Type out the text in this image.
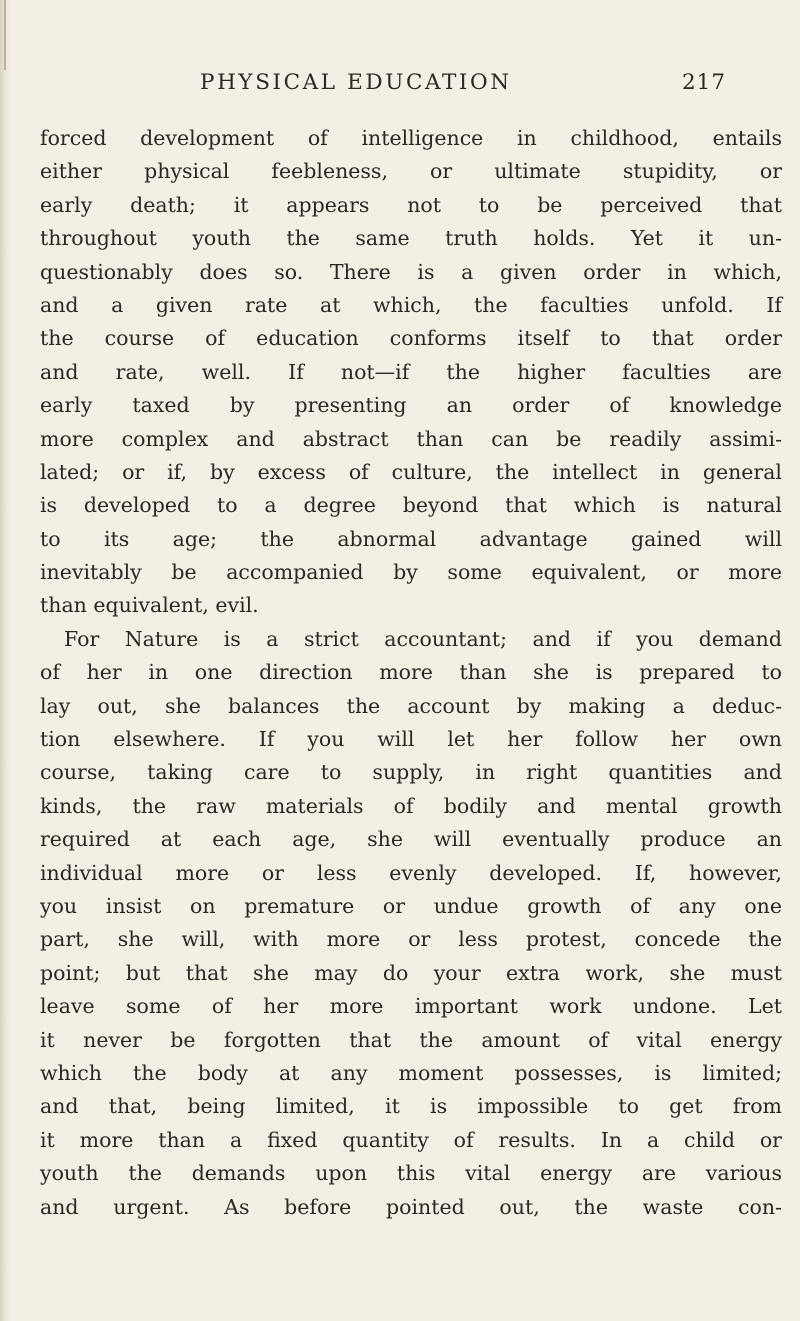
PHYSICAL EDUCATION	217
forced development of intelligence in childhood, entails
either physical feebleness, or ultimate stupidity, or
early death; it appears not to be perceived that
throughout youth the same truth holds. Yet it un-
questionably does so. There is a given order in which,
and a given rate at which, the faculties unfold. If
the course of education conforms itself to that order
and rate, well. If not—if the higher faculties are
early taxed by presenting an order of knowledge
more complex and abstract than can be readily assimi-
lated; or if, by excess of culture, the intellect in general
is developed to a degree beyond that which is natural
to its age; the abnormal advantage gained will
inevitably be accompanied by some equivalent, or more
than equivalent, evil.
For Nature is a strict accountant; and if you demand
of her in one direction more than she is prepared to
lay out, she balances the account by making a deduc-
tion elsewhere. If you will let her follow her own
course, taking care to supply, in right quantities and
kinds, the raw materials of bodily and mental growth
required at each age, she will eventually produce an
individual more or less evenly developed. If, however,
you insist on premature or undue growth of any one
part, she will, with more or less protest, concede the
point; but that she may do your extra work, she must
leave some of her more important work undone. Let
it never be forgotten that the amount of vital energy
which the body at any moment possesses, is limited;
and that, being limited, it is impossible to get from
it more than a fixed quantity of results. In a child or
youth the demands upon this vital energy are various
and urgent. As before pointed out, the waste con-
